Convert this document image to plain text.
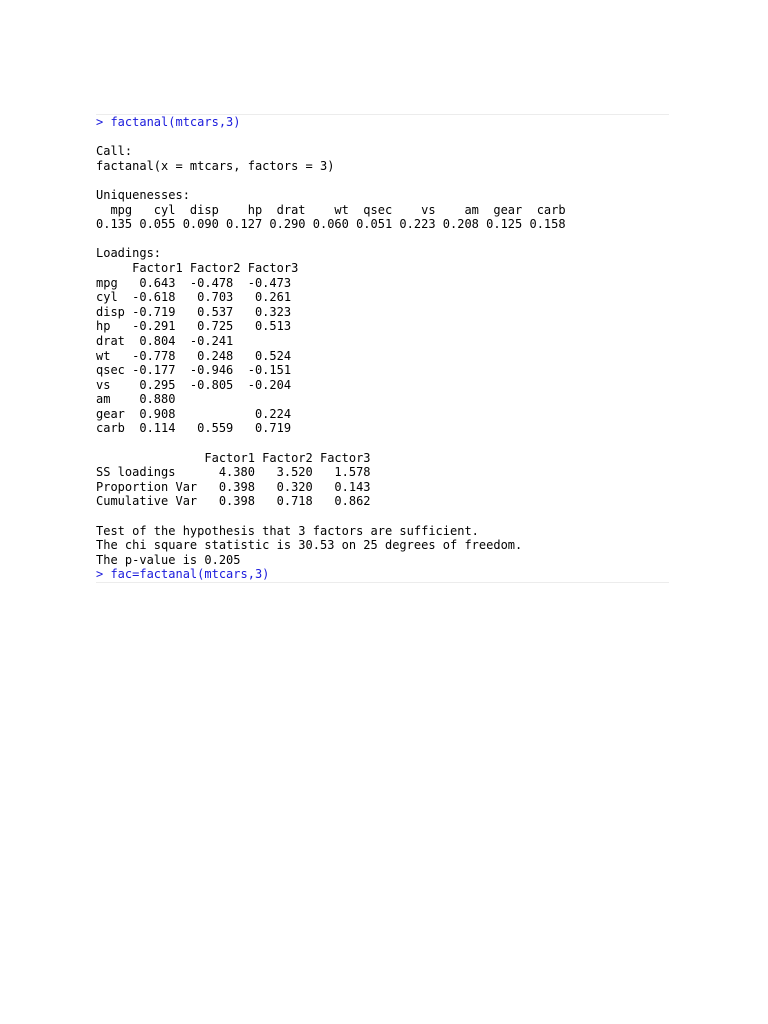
> factanal(mtcars,3)
Call:
factanal(x = mtcars, factors = 3)
Uniquenesses:
mpg   cyl  disp    hp  drat    wt  qsec    vs    am  gear  carb
0.135 0.055 0.090 0.127 0.290 0.060 0.051 0.223 0.208 0.125 0.158
Loadings:
Factor1 Factor2 Factor3
mpg   0.643  -0.478  -0.473
cyl  -0.618   0.703   0.261
disp -0.719   0.537   0.323
hp   -0.291   0.725   0.513
drat  0.804  -0.241
wt   -0.778   0.248   0.524
qsec -0.177  -0.946  -0.151
vs    0.295  -0.805  -0.204
am    0.880
gear  0.908           0.224
carb  0.114   0.559   0.719
Factor1 Factor2 Factor3
SS loadings      4.380   3.520   1.578
Proportion Var   0.398   0.320   0.143
Cumulative Var   0.398   0.718   0.862
Test of the hypothesis that 3 factors are sufficient.
The chi square statistic is 30.53 on 25 degrees of freedom.
The p-value is 0.205
> fac=factanal(mtcars,3)
